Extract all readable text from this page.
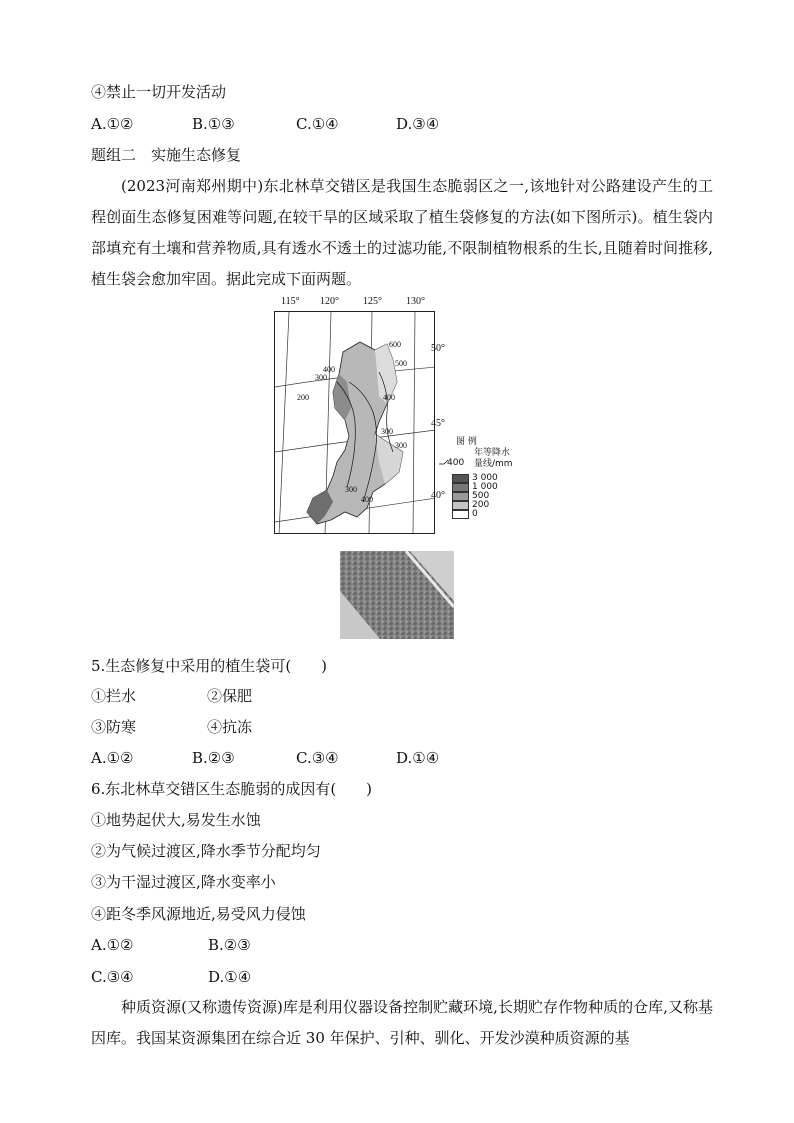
④禁止一切开发活动
A.①②	B.①③	C.①④	D.③④
题组二　实施生态修复

(2023河南郑州期中)东北林草交错区是我国生态脆弱区之一,该地针对公路建设产生的工程创面生态修复困难等问题,在较干旱的区域采取了植生袋修复的方法(如下图所示)。植生袋内部填充有土壤和营养物质,具有透水不透土的过滤功能,不限制植物根系的生长,且随着时间推移,植生袋会愈加牢固。据此完成下面两题。

115° 120° 125° 130°
600
400
300
500
200	400
300
300
300
400
50°
45°
40°
图 例
400
年等降水
量线/mm
3 000
1 000
500
200
0
5.生态修复中采用的植生袋可(　　)
①拦水	②保肥
③防寒	④抗冻
A.①②	B.②③	C.③④	D.①④
6.东北林草交错区生态脆弱的成因有(　　)
①地势起伏大,易发生水蚀
②为气候过渡区,降水季节分配均匀
③为干湿过渡区,降水变率小
④距冬季风源地近,易受风力侵蚀
A.①②	B.②③
C.③④	D.①④

种质资源(又称遗传资源)库是利用仪器设备控制贮藏环境,长期贮存作物种质的仓库,又称基因库。我国某资源集团在综合近 30 年保护、引种、驯化、开发沙漠种质资源的基
